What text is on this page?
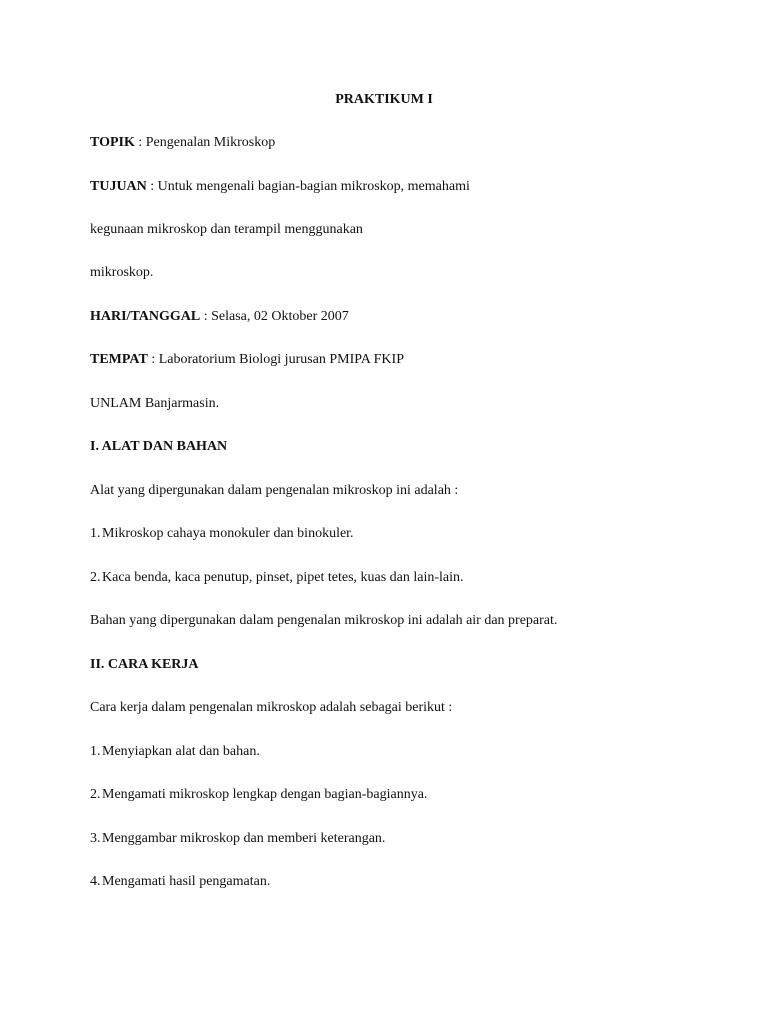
PRAKTIKUM I
TOPIK : Pengenalan Mikroskop
TUJUAN : Untuk mengenali bagian-bagian mikroskop, memahami
kegunaan mikroskop dan terampil menggunakan
mikroskop.
HARI/TANGGAL : Selasa, 02 Oktober 2007
TEMPAT : Laboratorium Biologi jurusan PMIPA FKIP
UNLAM Banjarmasin.
I. ALAT DAN BAHAN
Alat yang dipergunakan dalam pengenalan mikroskop ini adalah :
1. Mikroskop cahaya monokuler dan binokuler.
2. Kaca benda, kaca penutup, pinset, pipet tetes, kuas dan lain-lain.
Bahan yang dipergunakan dalam pengenalan mikroskop ini adalah air dan preparat.
II. CARA KERJA
Cara kerja dalam pengenalan mikroskop adalah sebagai berikut :
1. Menyiapkan alat dan bahan.
2. Mengamati mikroskop lengkap dengan bagian-bagiannya.
3. Menggambar mikroskop dan memberi keterangan.
4. Mengamati hasil pengamatan.
